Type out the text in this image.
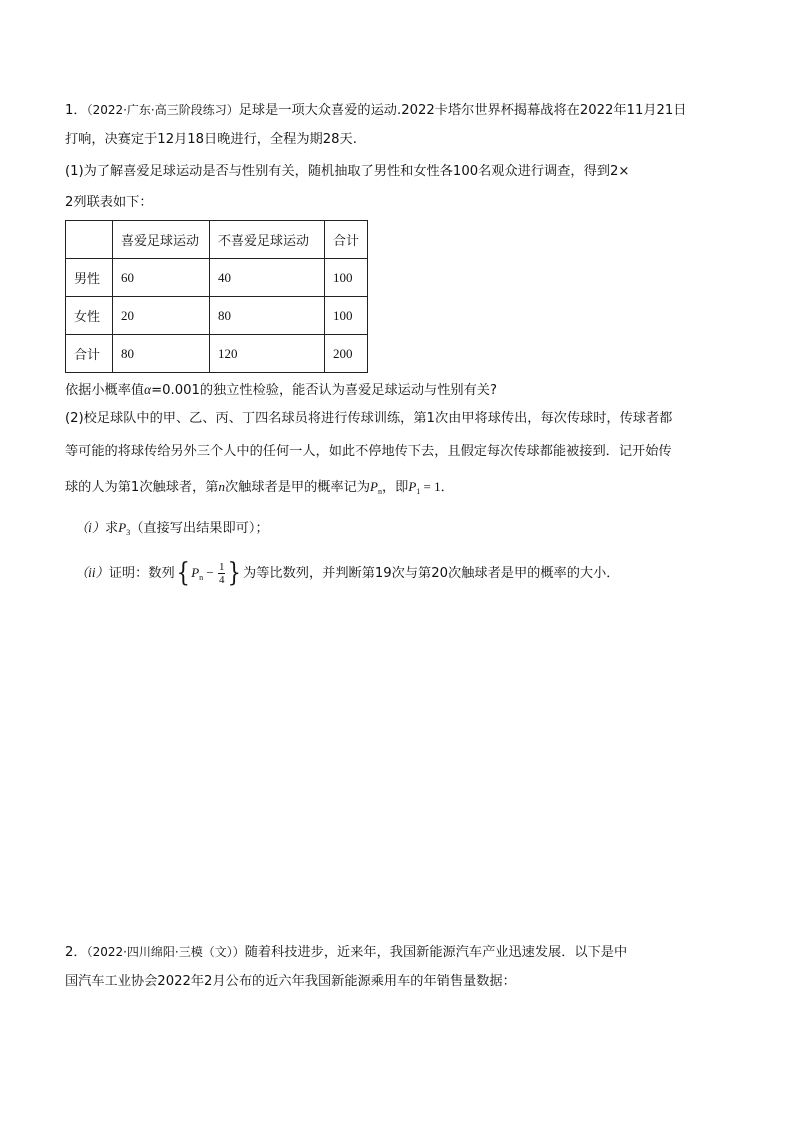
1．（2022·广东·高三阶段练习）足球是一项大众喜爱的运动.2022卡塔尔世界杯揭幕战将在2022年11月21日
打响，决赛定于12月18日晚进行，全程为期28天.
(1)为了解喜爱足球运动是否与性别有关，随机抽取了男性和女性各100名观众进行调查，得到2×
2列联表如下：
	喜爱足球运动	不喜爱足球运动	合计
男性	60	40	100
女性	20	80	100
合计	80	120	200
依据小概率值α=0.001的独立性检验，能否认为喜爱足球运动与性别有关?
(2)校足球队中的甲、乙、丙、丁四名球员将进行传球训练，第1次由甲将球传出，每次传球时，传球者都
等可能的将球传给另外三个人中的任何一人，如此不停地传下去，且假定每次传球都能被接到．记开始传
球的人为第1次触球者，第n次触球者是甲的概率记为$P_n$，即$P_1 = 1$．
（i）求$P_3$（直接写出结果即可）；
（ii）证明：数列{ $P_n - \frac{1}{4}$ } 为等比数列，并判断第19次与第20次触球者是甲的概率的大小．
2．（2022·四川绵阳·三模（文））随着科技进步，近来年，我国新能源汽车产业迅速发展．以下是中
国汽车工业协会2022年2月公布的近六年我国新能源乘用车的年销售量数据：
